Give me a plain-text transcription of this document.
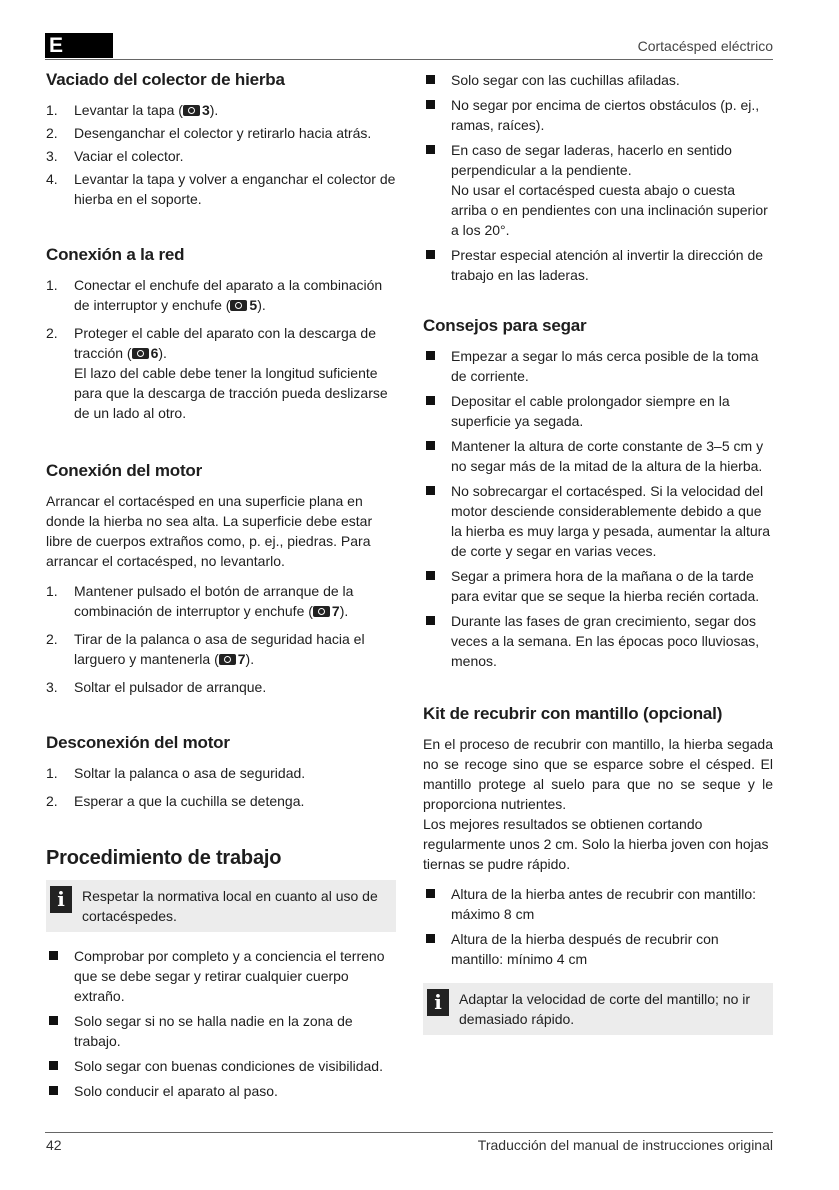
E	Cortacésped eléctrico
Vaciado del colector de hierba
1. Levantar la tapa ( 3).
2. Desenganchar el colector y retirarlo hacia atrás.
3. Vaciar el colector.
4. Levantar la tapa y volver a enganchar el colector de hierba en el soporte.
Conexión a la red
1. Conectar el enchufe del aparato a la combinación de interruptor y enchufe ( 5).
2. Proteger el cable del aparato con la descarga de tracción ( 6).
El lazo del cable debe tener la longitud suficiente para que la descarga de tracción pueda deslizarse de un lado al otro.
Conexión del motor

Arrancar el cortacésped en una superficie plana en donde la hierba no sea alta. La superficie debe estar libre de cuerpos extraños como, p. ej., piedras. Para arrancar el cortacésped, no levantarlo.

1. Mantener pulsado el botón de arranque de la combinación de interruptor y enchufe ( 7).
2. Tirar de la palanca o asa de seguridad hacia el larguero y mantenerla ( 7).
3. Soltar el pulsador de arranque.
Desconexión del motor
1. Soltar la palanca o asa de seguridad.
2. Esperar a que la cuchilla se detenga.
Procedimiento de trabajo
i	Respetar la normativa local en cuanto al uso de cortacéspedes.
Comprobar por completo y a conciencia el terreno que se debe segar y retirar cualquier cuerpo extraño.
Solo segar si no se halla nadie en la zona de trabajo.
Solo segar con buenas condiciones de visibilidad.
Solo conducir el aparato al paso.
Solo segar con las cuchillas afiladas.
No segar por encima de ciertos obstáculos (p. ej., ramas, raíces).
En caso de segar laderas, hacerlo en sentido perpendicular a la pendiente.
No usar el cortacésped cuesta abajo o cuesta arriba o en pendientes con una inclinación superior a los 20°.
Prestar especial atención al invertir la dirección de trabajo en las laderas.
Consejos para segar
Empezar a segar lo más cerca posible de la toma de corriente.
Depositar el cable prolongador siempre en la superficie ya segada.
Mantener la altura de corte constante de 3–5 cm y no segar más de la mitad de la altura de la hierba.
No sobrecargar el cortacésped. Si la velocidad del motor desciende considerablemente debido a que la hierba es muy larga y pesada, aumentar la altura de corte y segar en varias veces.
Segar a primera hora de la mañana o de la tarde para evitar que se seque la hierba recién cortada.
Durante las fases de gran crecimiento, segar dos veces a la semana. En las épocas poco lluviosas, menos.
Kit de recubrir con mantillo (opcional)

En el proceso de recubrir con mantillo, la hierba segada no se recoge sino que se esparce sobre el césped. El mantillo protege al suelo para que no se seque y le proporciona nutrientes.

Los mejores resultados se obtienen cortando regularmente unos 2 cm. Solo la hierba joven con hojas tiernas se pudre rápido.

Altura de la hierba antes de recubrir con mantillo: máximo 8 cm
Altura de la hierba después de recubrir con mantillo: mínimo 4 cm
i	Adaptar la velocidad de corte del mantillo; no ir demasiado rápido.
42	Traducción del manual de instrucciones original
